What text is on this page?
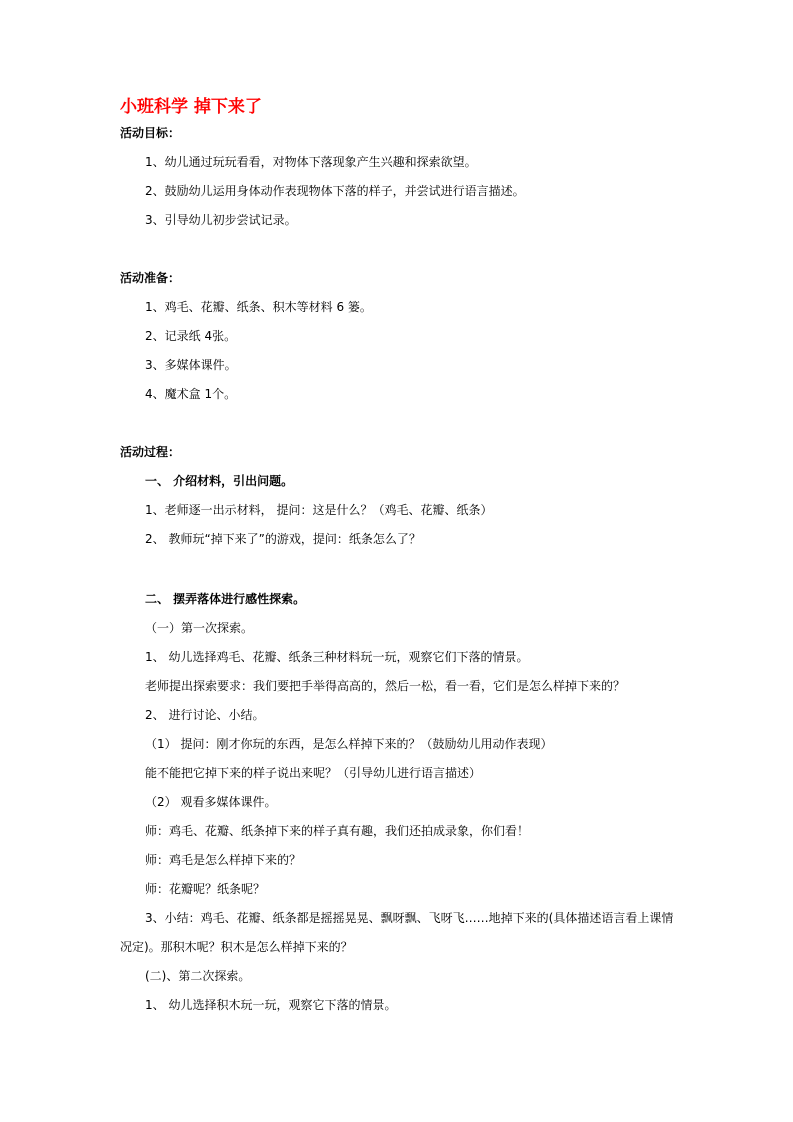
小班科学 掉下来了
活动目标：
1、幼儿通过玩玩看看，对物体下落现象产生兴趣和探索欲望。
2、鼓励幼儿运用身体动作表现物体下落的样子，并尝试进行语言描述。
3、引导幼儿初步尝试记录。
活动准备：
1、鸡毛、花瓣、纸条、积木等材料 6 篓。
2、记录纸 4张。
3、多媒体课件。
4、魔术盒 1个。
活动过程：
一、 介绍材料，引出问题。
1、老师逐一出示材料， 提问：这是什么？（鸡毛、花瓣、纸条）
2、 教师玩“掉下来了”的游戏，提问：纸条怎么了？
二、 摆弄落体进行感性探索。
（一）第一次探索。
1、 幼儿选择鸡毛、花瓣、纸条三种材料玩一玩，观察它们下落的情景。
老师提出探索要求：我们要把手举得高高的，然后一松，看一看，它们是怎么样掉下来的？
2、 进行讨论、小结。
（1） 提问：刚才你玩的东西，是怎么样掉下来的？（鼓励幼儿用动作表现）
能不能把它掉下来的样子说出来呢？（引导幼儿进行语言描述）
（2） 观看多媒体课件。
师：鸡毛、花瓣、纸条掉下来的样子真有趣，我们还拍成录象，你们看！
师：鸡毛是怎么样掉下来的？
师：花瓣呢？纸条呢？
3、小结：鸡毛、花瓣、纸条都是摇摇晃晃、飘呀飘、飞呀飞……地掉下来的(具体描述语言看上课情
况定)。那积木呢？积木是怎么样掉下来的？
(二)、第二次探索。
1、 幼儿选择积木玩一玩，观察它下落的情景。
